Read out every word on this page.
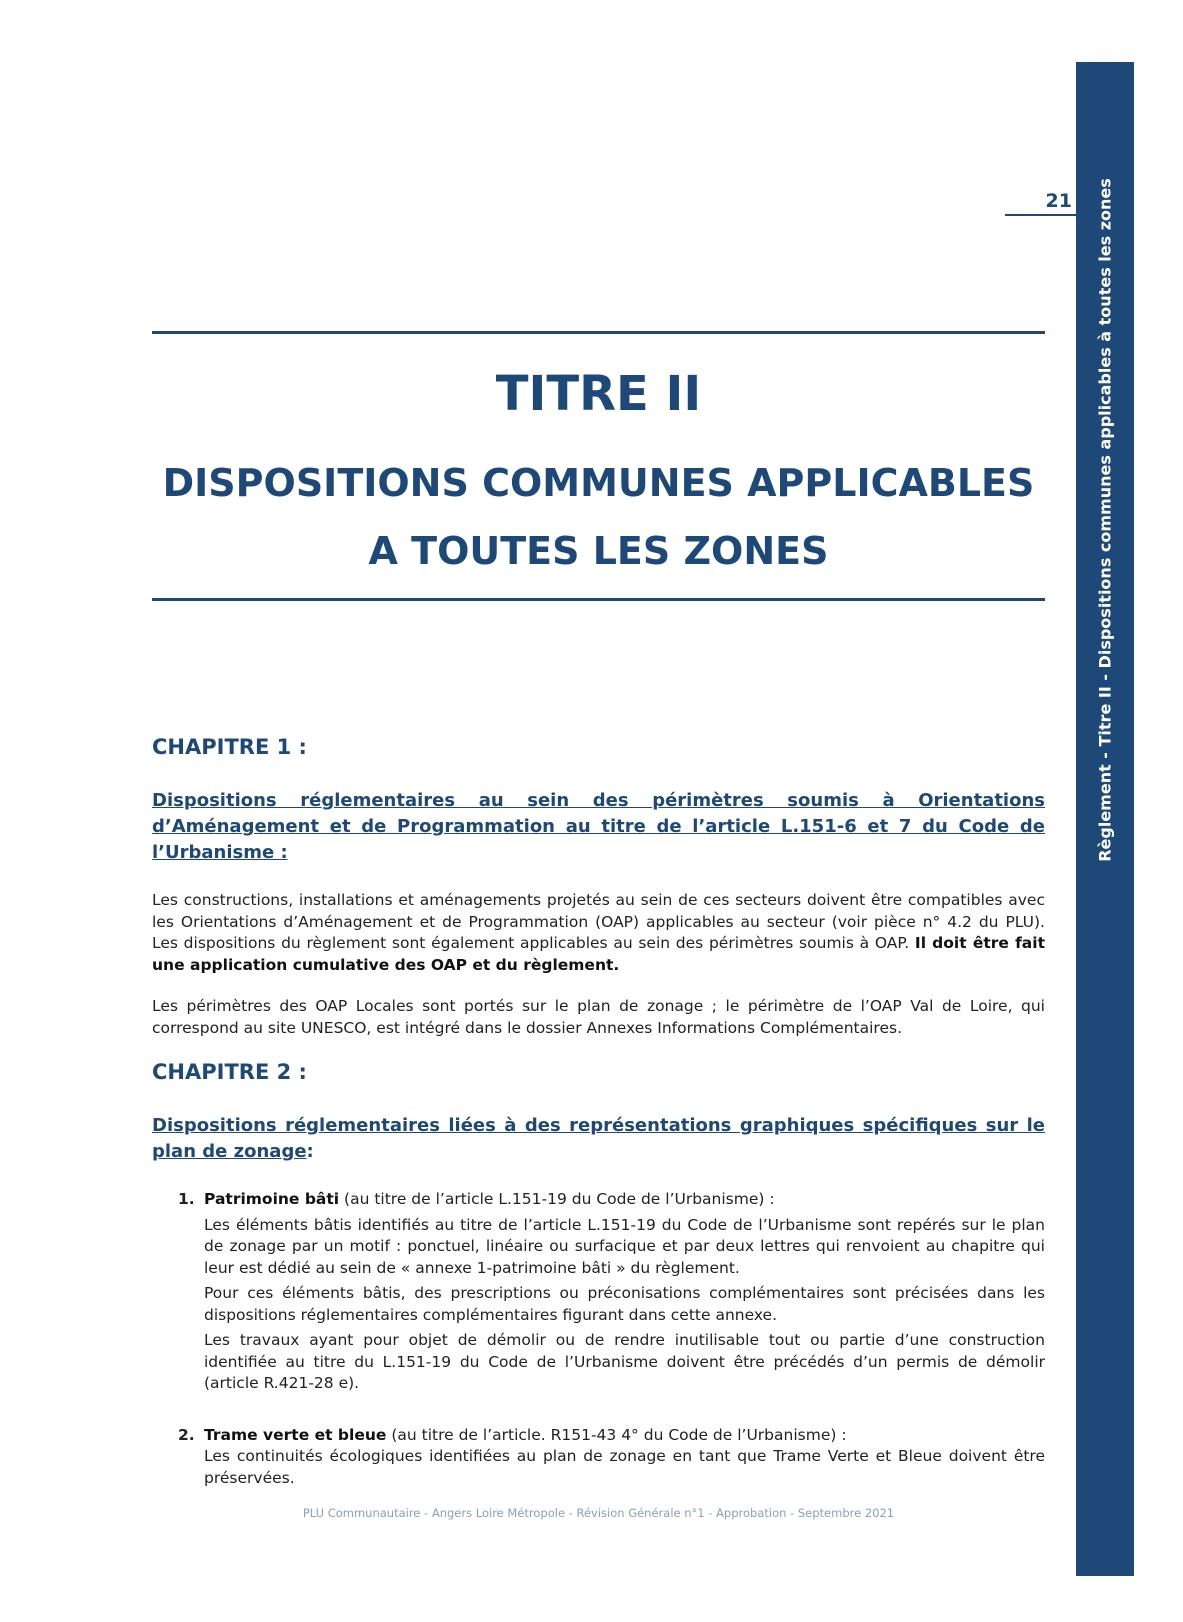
Règlement - Titre II - Dispositions communes applicables à toutes les zones
21
TITRE II
DISPOSITIONS COMMUNES APPLICABLES
A TOUTES LES ZONES
CHAPITRE 1 :

Dispositions réglementaires au sein des périmètres soumis à Orientations d’Aménagement et de Programmation au titre de l’article L.151-6 et 7 du Code de l’Urbanisme :

Les constructions, installations et aménagements projetés au sein de ces secteurs doivent être compatibles avec les Orientations d’Aménagement et de Programmation (OAP) applicables au secteur (voir pièce n° 4.2 du PLU). Les dispositions du règlement sont également applicables au sein des périmètres soumis à OAP. Il doit être fait une application cumulative des OAP et du règlement.

Les périmètres des OAP Locales sont portés sur le plan de zonage ; le périmètre de l’OAP Val de Loire, qui correspond au site UNESCO, est intégré dans le dossier Annexes Informations Complémentaires.

CHAPITRE 2 :

Dispositions réglementaires liées à des représentations graphiques spécifiques sur le plan de zonage:

1. Patrimoine bâti (au titre de l’article L.151-19 du Code de l’Urbanisme) :

Les éléments bâtis identifiés au titre de l’article L.151-19 du Code de l’Urbanisme sont repérés sur le plan de zonage par un motif : ponctuel, linéaire ou surfacique et par deux lettres qui renvoient au chapitre qui leur est dédié au sein de « annexe 1-patrimoine bâti » du règlement.

Pour ces éléments bâtis, des prescriptions ou préconisations complémentaires sont précisées dans les dispositions réglementaires complémentaires figurant dans cette annexe.

Les travaux ayant pour objet de démolir ou de rendre inutilisable tout ou partie d’une construction identifiée au titre du L.151-19 du Code de l’Urbanisme doivent être précédés d’un permis de démolir (article R.421-28 e).

2. Trame verte et bleue (au titre de l’article. R151-43 4° du Code de l’Urbanisme) :

Les continuités écologiques identifiées au plan de zonage en tant que Trame Verte et Bleue doivent être préservées.

PLU Communautaire - Angers Loire Métropole - Révision Générale n°1 - Approbation - Septembre 2021
